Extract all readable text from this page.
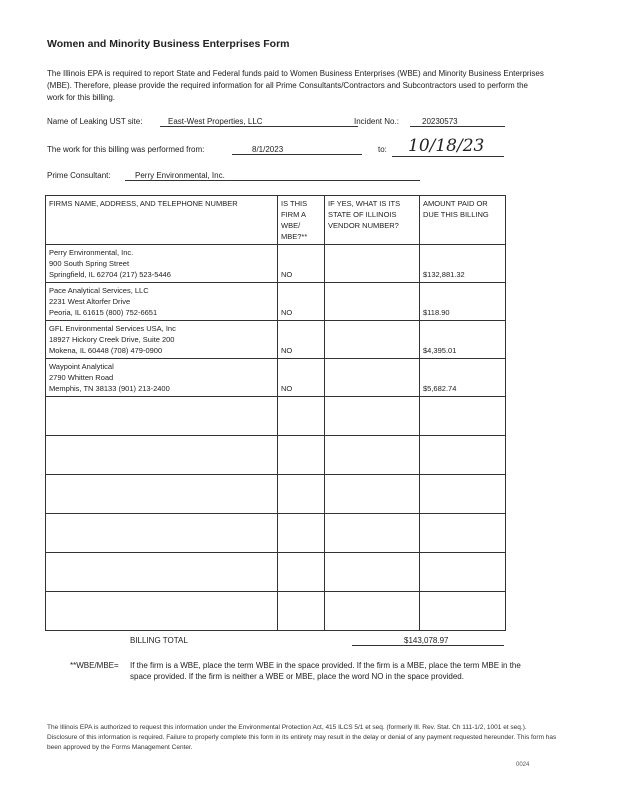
Women and Minority Business Enterprises Form
The Illinois EPA is required to report State and Federal funds paid to Women Business Enterprises (WBE) and Minority Business Enterprises (MBE). Therefore, please provide the required information for all Prime Consultants/Contractors and Subcontractors used to perform the work for this billing.
Name of Leaking UST site:	East-West Properties, LLC	Incident No.:	20230573
The work for this billing was performed from:	8/1/2023	to:	10/18/23
Prime Consultant:	Perry Environmental, Inc.
FIRMS NAME, ADDRESS, AND TELEPHONE NUMBER	IS THIS FIRM A WBE/ MBE?**	IF YES, WHAT IS ITS STATE OF ILLINOIS VENDOR NUMBER?	AMOUNT PAID OR DUE THIS BILLING

Perry Environmental, Inc.
900 South Spring Street
Springfield, IL 62704 (217) 523-5446	NO		$132,881.32

Pace Analytical Services, LLC
2231 West Altorfer Drive
Peoria, IL 61615 (800) 752-6651	NO		$118.90

GFL Environmental Services USA, Inc
18927 Hickory Creek Drive, Suite 200
Mokena, IL 60448 (708) 479-0900	NO		$4,395.01

Waypoint Analytical
2790 Whitten Road
Memphis, TN 38133 (901) 213-2400	NO		$5,682.74

BILLING TOTAL	$143,078.97
**WBE/MBE= If the firm is a WBE, place the term WBE in the space provided. If the firm is a MBE, place the term MBE in the space provided. If the firm is neither a WBE or MBE, place the word NO in the space provided.
The Illinois EPA is authorized to request this information under the Environmental Protection Act, 415 ILCS 5/1 et seq. (formerly Ill. Rev. Stat. Ch 111-1/2, 1001 et seq.). Disclosure of this information is required. Failure to properly complete this form in its entirety may result in the delay or denial of any payment requested hereunder. This form has been approved by the Forms Management Center.
0024
